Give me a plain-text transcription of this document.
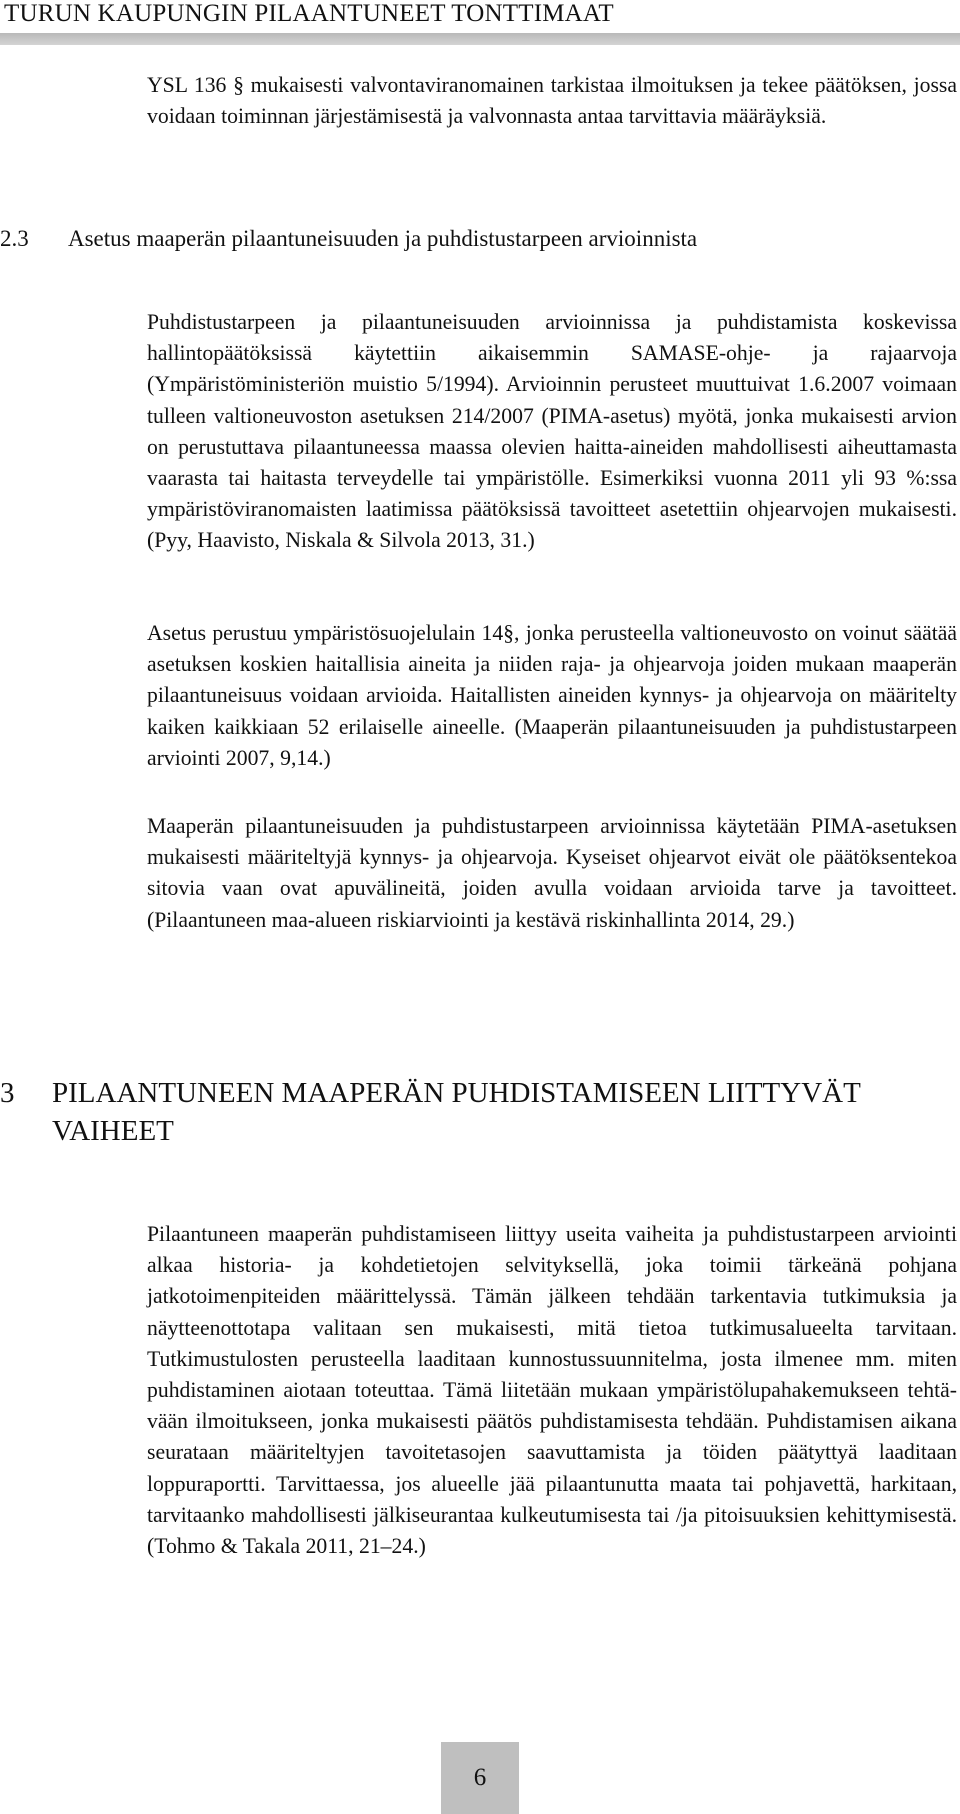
TURUN KAUPUNGIN PILAANTUNEET TONTTIMAAT

YSL 136 § mukaisesti valvontaviranomainen tarkistaa ilmoituksen ja tekee päätöksen, jossa voidaan toiminnan järjestämisestä ja valvonnasta antaa tarvittavia määräyksiä.

2.3 Asetus maaperän pilaantuneisuuden ja puhdistustarpeen arvioinnista

Puhdistustarpeen ja pilaantuneisuuden arvioinnissa ja puhdistamista koskevissa hallintopäätöksissä käytettiin aikaisemmin SAMASE-ohje- ja rajaarvoja (Ympäristöministeriön muistio 5/1994). Arvioinnin perusteet muuttuivat 1.6.2007 voimaan tulleen valtioneuvoston asetuksen 214/2007 (PIMA-asetus) myötä, jonka mukaisesti arvion on perustuttava pilaantuneessa maassa olevien haitta-aineiden mahdollisesti aiheuttamasta vaarasta tai haitasta terveydelle tai ympäristölle. Esimerkiksi vuonna 2011 yli 93 %:ssa ympäristöviranomaisten laatimissa päätöksissä tavoitteet asetettiin ohjearvojen mukaisesti. (Pyy, Haavisto, Niskala & Silvola 2013, 31.)

Asetus perustuu ympäristösuojelulain 14§, jonka perusteella valtioneuvosto on voinut säätää asetuksen koskien haitallisia aineita ja niiden raja- ja ohjearvoja joiden mukaan maaperän pilaantuneisuus voidaan arvioida. Haitallisten aineiden kynnys- ja ohjearvoja on määritelty kaiken kaikkiaan 52 erilaiselle aineelle. (Maaperän pilaantuneisuuden ja puhdistustarpeen arviointi 2007, 9,14.)

Maaperän pilaantuneisuuden ja puhdistustarpeen arvioinnissa käytetään PIMA-asetuksen mukaisesti määriteltyjä kynnys- ja ohjearvoja. Kyseiset ohjearvot eivät ole päätöksentekoa sitovia vaan ovat apuvälineitä, joiden avulla voidaan arvioida tarve ja tavoitteet. (Pilaantuneen maa-alueen riskiarviointi ja kestävä riskinhallinta 2014, 29.)

3 PILAANTUNEEN MAAPERÄN PUHDISTAMISEEN LIITTYVÄT
VAIHEET

Pilaantuneen maaperän puhdistamiseen liittyy useita vaiheita ja puhdistustarpeen arviointi alkaa historia- ja kohdetietojen selvityksellä, joka toimii tärkeänä pohjana jatkotoimenpiteiden määrittelyssä. Tämän jälkeen tehdään tarkentavia tutkimuksia ja näytteenottotapa valitaan sen mukaisesti, mitä tietoa tutkimusalueelta tarvitaan. Tutkimustulosten perusteella laaditaan kunnostussuunnitelma, josta ilmenee mm. miten puhdistaminen aiotaan toteuttaa. Tämä liitetään mukaan ympäristölupahakemukseen tehtävään ilmoitukseen, jonka mukaisesti päätös puhdistamisesta tehdään. Puhdistamisen aikana seurataan määriteltyjen tavoitetasojen saavuttamista ja töiden päätyttyä laaditaan loppuraportti. Tarvittaessa, jos alueelle jää pilaantunutta maata tai pohjavettä, harkitaan, tarvitaanko mahdollisesti jälkiseurantaa kulkeutumisesta tai /ja pitoisuuksien kehittymisestä. (Tohmo & Takala 2011, 21–24.)

6
